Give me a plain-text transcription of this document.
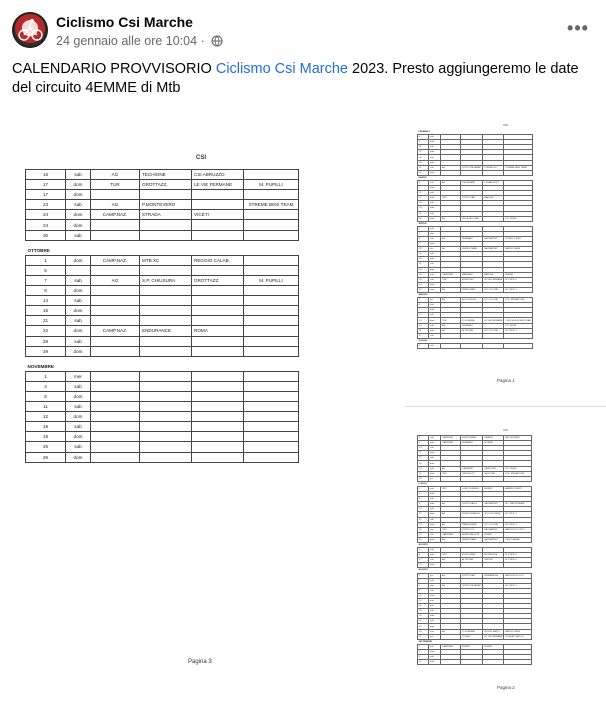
Ciclismo Csi Marche
24 gennaio alle ore 10:04 ·
•••
CALENDARIO PROVVISORIO Ciclismo Csi Marche 2023. Presto aggiungeremo le date del circuito 4EMME di Mtb
CSI
16	sab	AG	TECHIONE	CSI ABRUZZO	
17	dom	TUR	GROTTAZZ.	LE VIE FERMANE	M. PUPILLI
17	dom				
23	sab	AG	P.MONTEVERO		XTREME BIKE TEAM
24	dom	CAMP.NAZ.	STRADA	VICETI	
24	dom				
30	sab				

OTTOBRE					
1	dom	CAMP.NAZ.	MTB XC	REGGIO CALAB.	
5					
7	sab	AG	S.P. CHIUSURA	GROTTAZZ.	M. PUPILLI
8	dom				
14	sab				
15	dom				
21	sab				
22	dom	CAMP.NAZ.	ENDURANCE	ROMA	
28	sab				
29	dom				

NOVEMBRE					
1	mer				
4	sab				
5	dom				
11	sab				
12	dom				
18	sab				
19	dom				
25	sab				
26	dom				
Pagina 3
CSI
FEBBRAIO					
4	sab				
5	dom				
11	sab				
12	dom				
18	sab				
19	dom				
25	sab	AG	PORTO RECANATI	CORVA OLD	XTREME BIKE TEAM
26	dom				
MARZO					
4	sab	AG	VIA CESARE	CSI ABRUZZO	
5	dom				
11	sab				
12	dom	GPX	PORTO SAN	MARCHE	
18	sab				
19	dom				
25	sab				
26	dom	AG	VILLA VELLUNA		F.D. STEEL
APRILE					
1	sab				
2	dom				
8	sab	AG	FERMANO	SALTAMONTI	STRELLO BIKE
9	dom				
10	lun	AG	FERMO PIANE	SALTAMONTI	NATUR 3 BIKE
15	sab				
16	dom				
22	sab				
23	dom				
25	mar	CAMP.NAZ.	FABRIANO	MARCHE	FRASSI
29	sab	TUR	MONTEGIO	LE VIE FERMANE	M. PUPILLI
30	dom				
30	dom	AG	FERMOVANO	S.P. COLONE	M. PUPILLI
MAGGIO					
1	lun	AG	BOLOGNOLA	S.P. COLONE	POL. MILIANTONE
6	sab				
7	dom				
13	sab				
14	dom	TUR	TI GUERRIA	LE VIE FERMANE	CONCHIGLIE BIKE TEAM
20	sab	AG	FERMANO		F.D. STEEL
21	dom	AG	ALTIDONA	S.P. COLONE	M. PUPILLI
27	sab				
GIUGNO					
3	sab				
Pagina 1
CSI
3	sab	CAMP.NAZ.	MONTEGRAN.	GRADEL	AMO RIVIERE
4	dom	CAMP.NAZ.	FERMANO	RIVIERE	
10	sab				
11	dom				
17	sab				
18	dom				
24	sab	AG	CAMERINO	CAMP. REG.	F.D. STEEL
25	dom	GPX	GROSSI CP	SULDONE	POL. MILIANTONE
29	gio				
LUGLIO					
1	sab	GPX	LORO CIUFFEN.	FERMO	AMMIR.CONVITI
2	dom				
8	sab				
9	dom	AG	PORTO SAN G.	SALTAMONTI	A.C. MATTIOMIANI
15	sab				
16	dom	AG	MONTE RINALDO	VIVO CICLISMO	M. PUPILLI
22	sab				
23	dom	AG	PIANE FERMO	S.P. COLONE	M. PUPILLI
26	mer	GPX	PORTO S.G.	SALTAMONTI	ARISTODOLO ETC
29	sab	CAMP.NAZ.	FERMOFALLETE	FERMO	
30	dom	AG	FERMOPIANE	SALTAMONTI	CASTORANIA
AGOSTO					
5	sab				
6	dom	GPX	PORTO MAN.	MONTEVIDE	M. PUPILLI
12	sab	AG	ALTIDONA	GROSSI	M. PUPILLI
13	dom				
AGOSTO					
1	gio	AG	PORTO SAN	FERMANOSE	ARISTODOLO S.C.
2	sab				
3	dom	AG	PORTO RECANATI		M. PUPILLI
9	sab				
10	dom				
15	mar				
16	mer				
19	sab				
20	dom				
26	sab				
27	dom				
29	mar	AG	TI GUERRIA	MONTE SANTO	NATUR 3 BIKE
31	gio		COSSA	LE VIE FERMANE	GOSSA POBELLO
SETTEMBRE					
2	sab	CAMP.NAZ.	FERMO	FERMO	
3	dom				
9	sab				
10	dom				
Pagina 2
